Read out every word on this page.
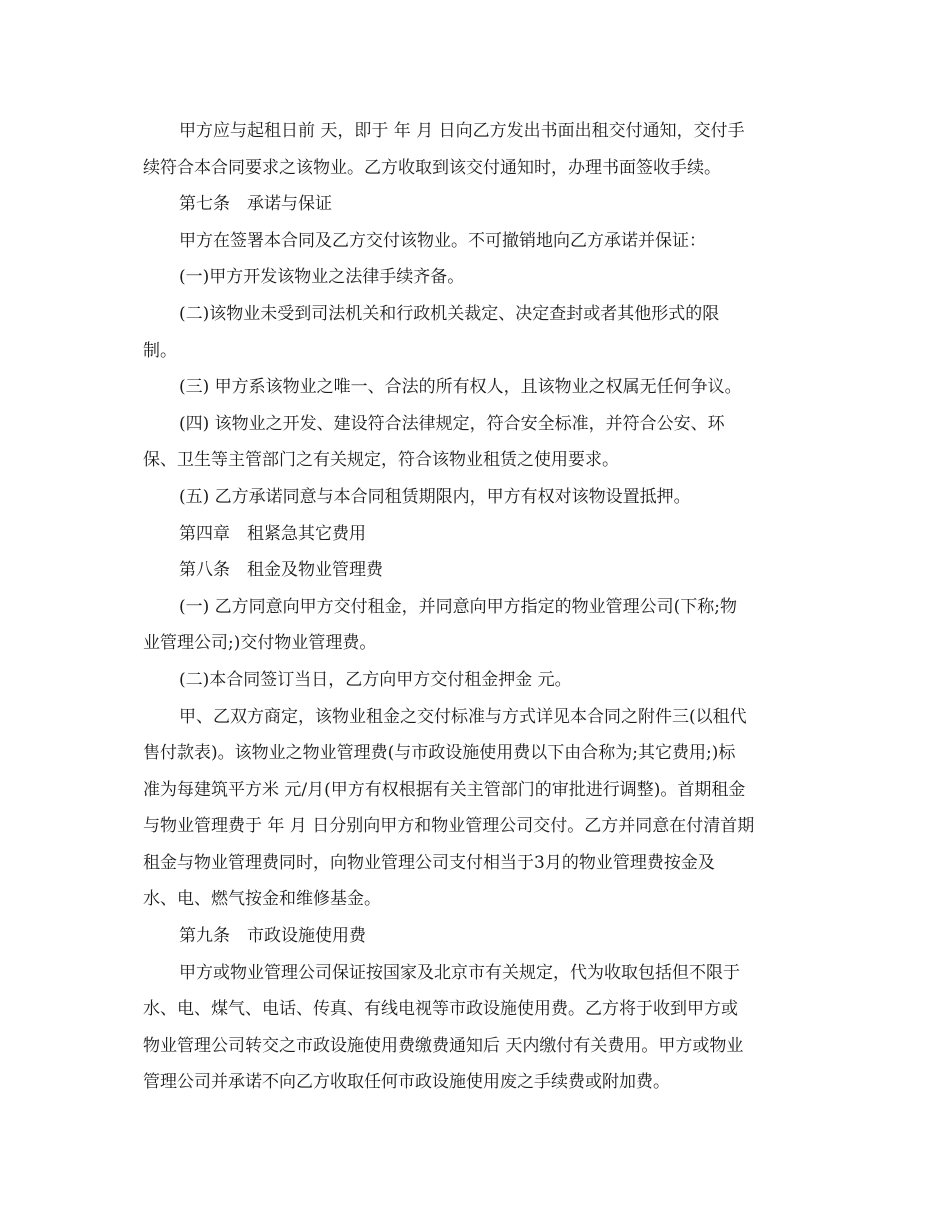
甲方应与起租日前 天，即于 年 月 日向乙方发出书面出租交付通知，交付手
续符合本合同要求之该物业。乙方收取到该交付通知时，办理书面签收手续。
第七条　承诺与保证
甲方在签署本合同及乙方交付该物业。不可撤销地向乙方承诺并保证：
(一)甲方开发该物业之法律手续齐备。
(二)该物业未受到司法机关和行政机关裁定、决定查封或者其他形式的限
制。
(三) 甲方系该物业之唯一、合法的所有权人，且该物业之权属无任何争议。
(四) 该物业之开发、建设符合法律规定，符合安全标准，并符合公安、环
保、卫生等主管部门之有关规定，符合该物业租赁之使用要求。
(五) 乙方承诺同意与本合同租赁期限内，甲方有权对该物设置抵押。
第四章　租紧急其它费用
第八条　租金及物业管理费
(一) 乙方同意向甲方交付租金，并同意向甲方指定的物业管理公司(下称;物
业管理公司;)交付物业管理费。
(二)本合同签订当日，乙方向甲方交付租金押金 元。
甲、乙双方商定，该物业租金之交付标准与方式详见本合同之附件三(以租代
售付款表)。该物业之物业管理费(与市政设施使用费以下由合称为;其它费用;)标
准为每建筑平方米 元/月(甲方有权根据有关主管部门的审批进行调整)。首期租金
与物业管理费于 年 月 日分别向甲方和物业管理公司交付。乙方并同意在付清首期
租金与物业管理费同时，向物业管理公司支付相当于3月的物业管理费按金及
水、电、燃气按金和维修基金。
第九条　市政设施使用费
甲方或物业管理公司保证按国家及北京市有关规定，代为收取包括但不限于
水、电、煤气、电话、传真、有线电视等市政设施使用费。乙方将于收到甲方或
物业管理公司转交之市政设施使用费缴费通知后 天内缴付有关费用。甲方或物业
管理公司并承诺不向乙方收取任何市政设施使用废之手续费或附加费。
